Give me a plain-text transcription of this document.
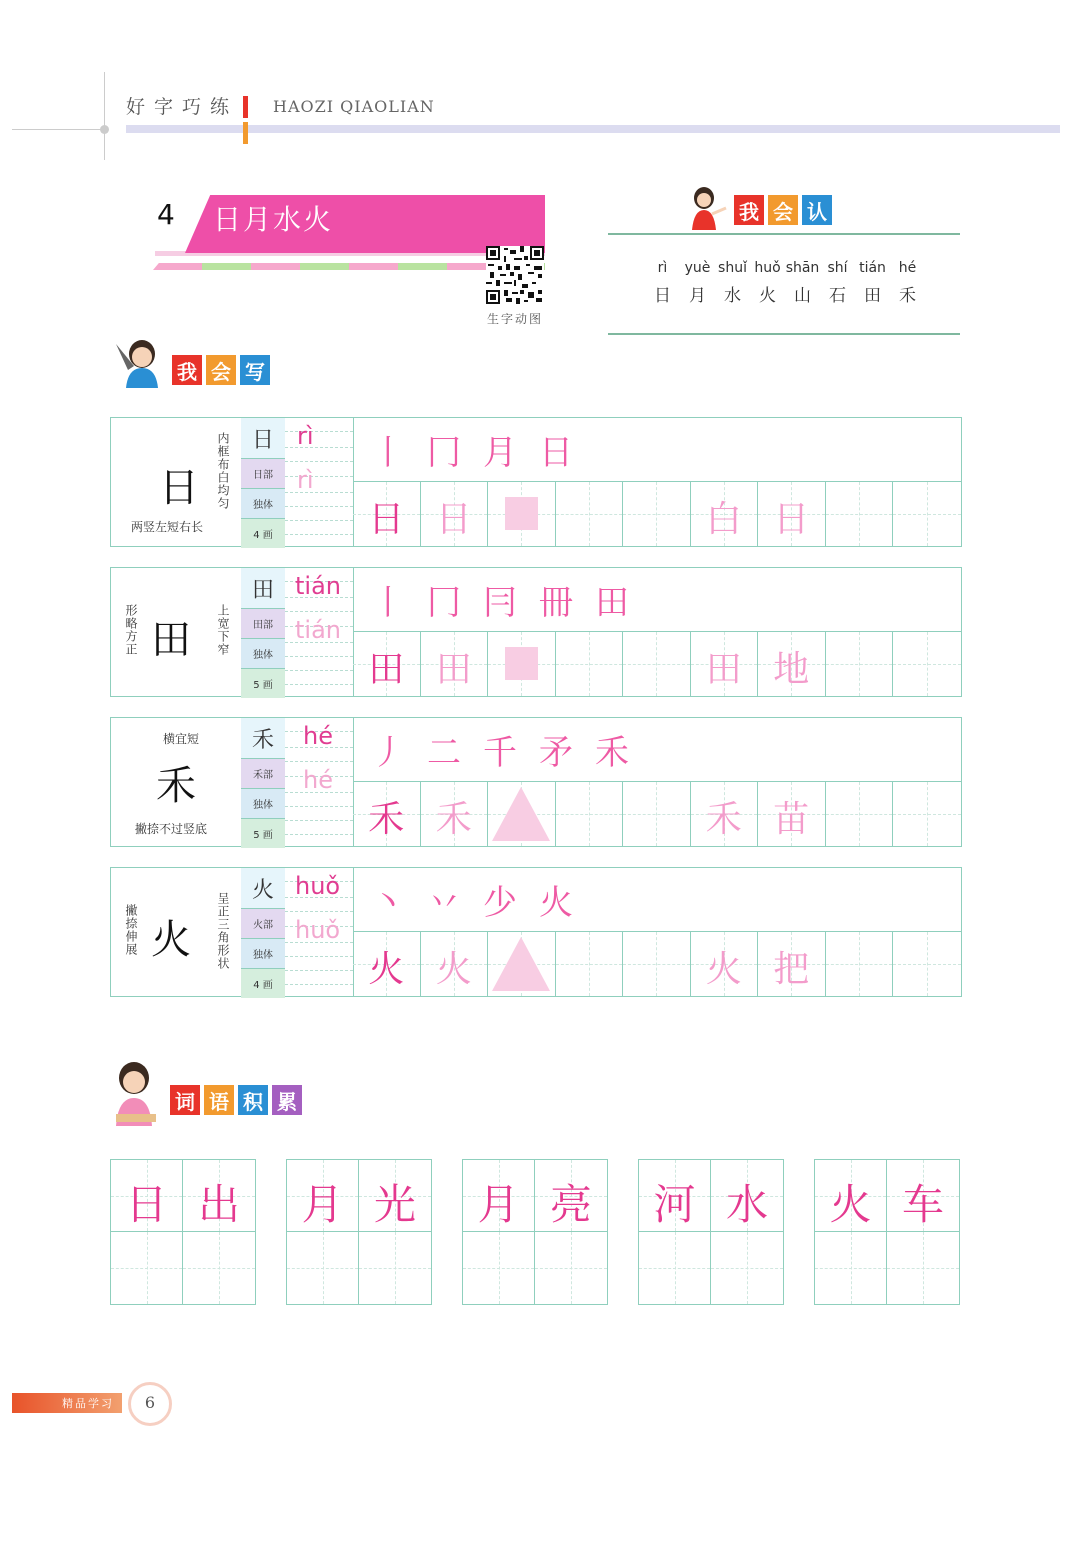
好字巧练 HAOZI QIAOLIAN
4 日月水火
生字动图
我 会 认
rì	yuè shuǐ huǒ shān shí tián hé
日	月	水	火	山	石	田	禾
我 会 写
日 内框布白均匀
两竖左短右长
日
日部
独体
4 画
rì
rì
丨 冂 月 日
日 日	白 日
田
形略方正	上宽下窄
田
田部
独体
5 画
tián
tián
丨 冂 冃 冊 田
田 田	田 地
禾
横宜短
撇捺不过竖底
禾
禾部
独体
5 画
hé
hé
丿 二 千 矛 禾
禾 禾	禾 苗
火
撇捺伸展	呈正三角形状
火
火部
独体
4 画
huǒ
huǒ
丶 丷 少 火
火 火	火 把
词 语 积 累
日 出	月 光	月 亮	河 水	火 车
精品学习	6
